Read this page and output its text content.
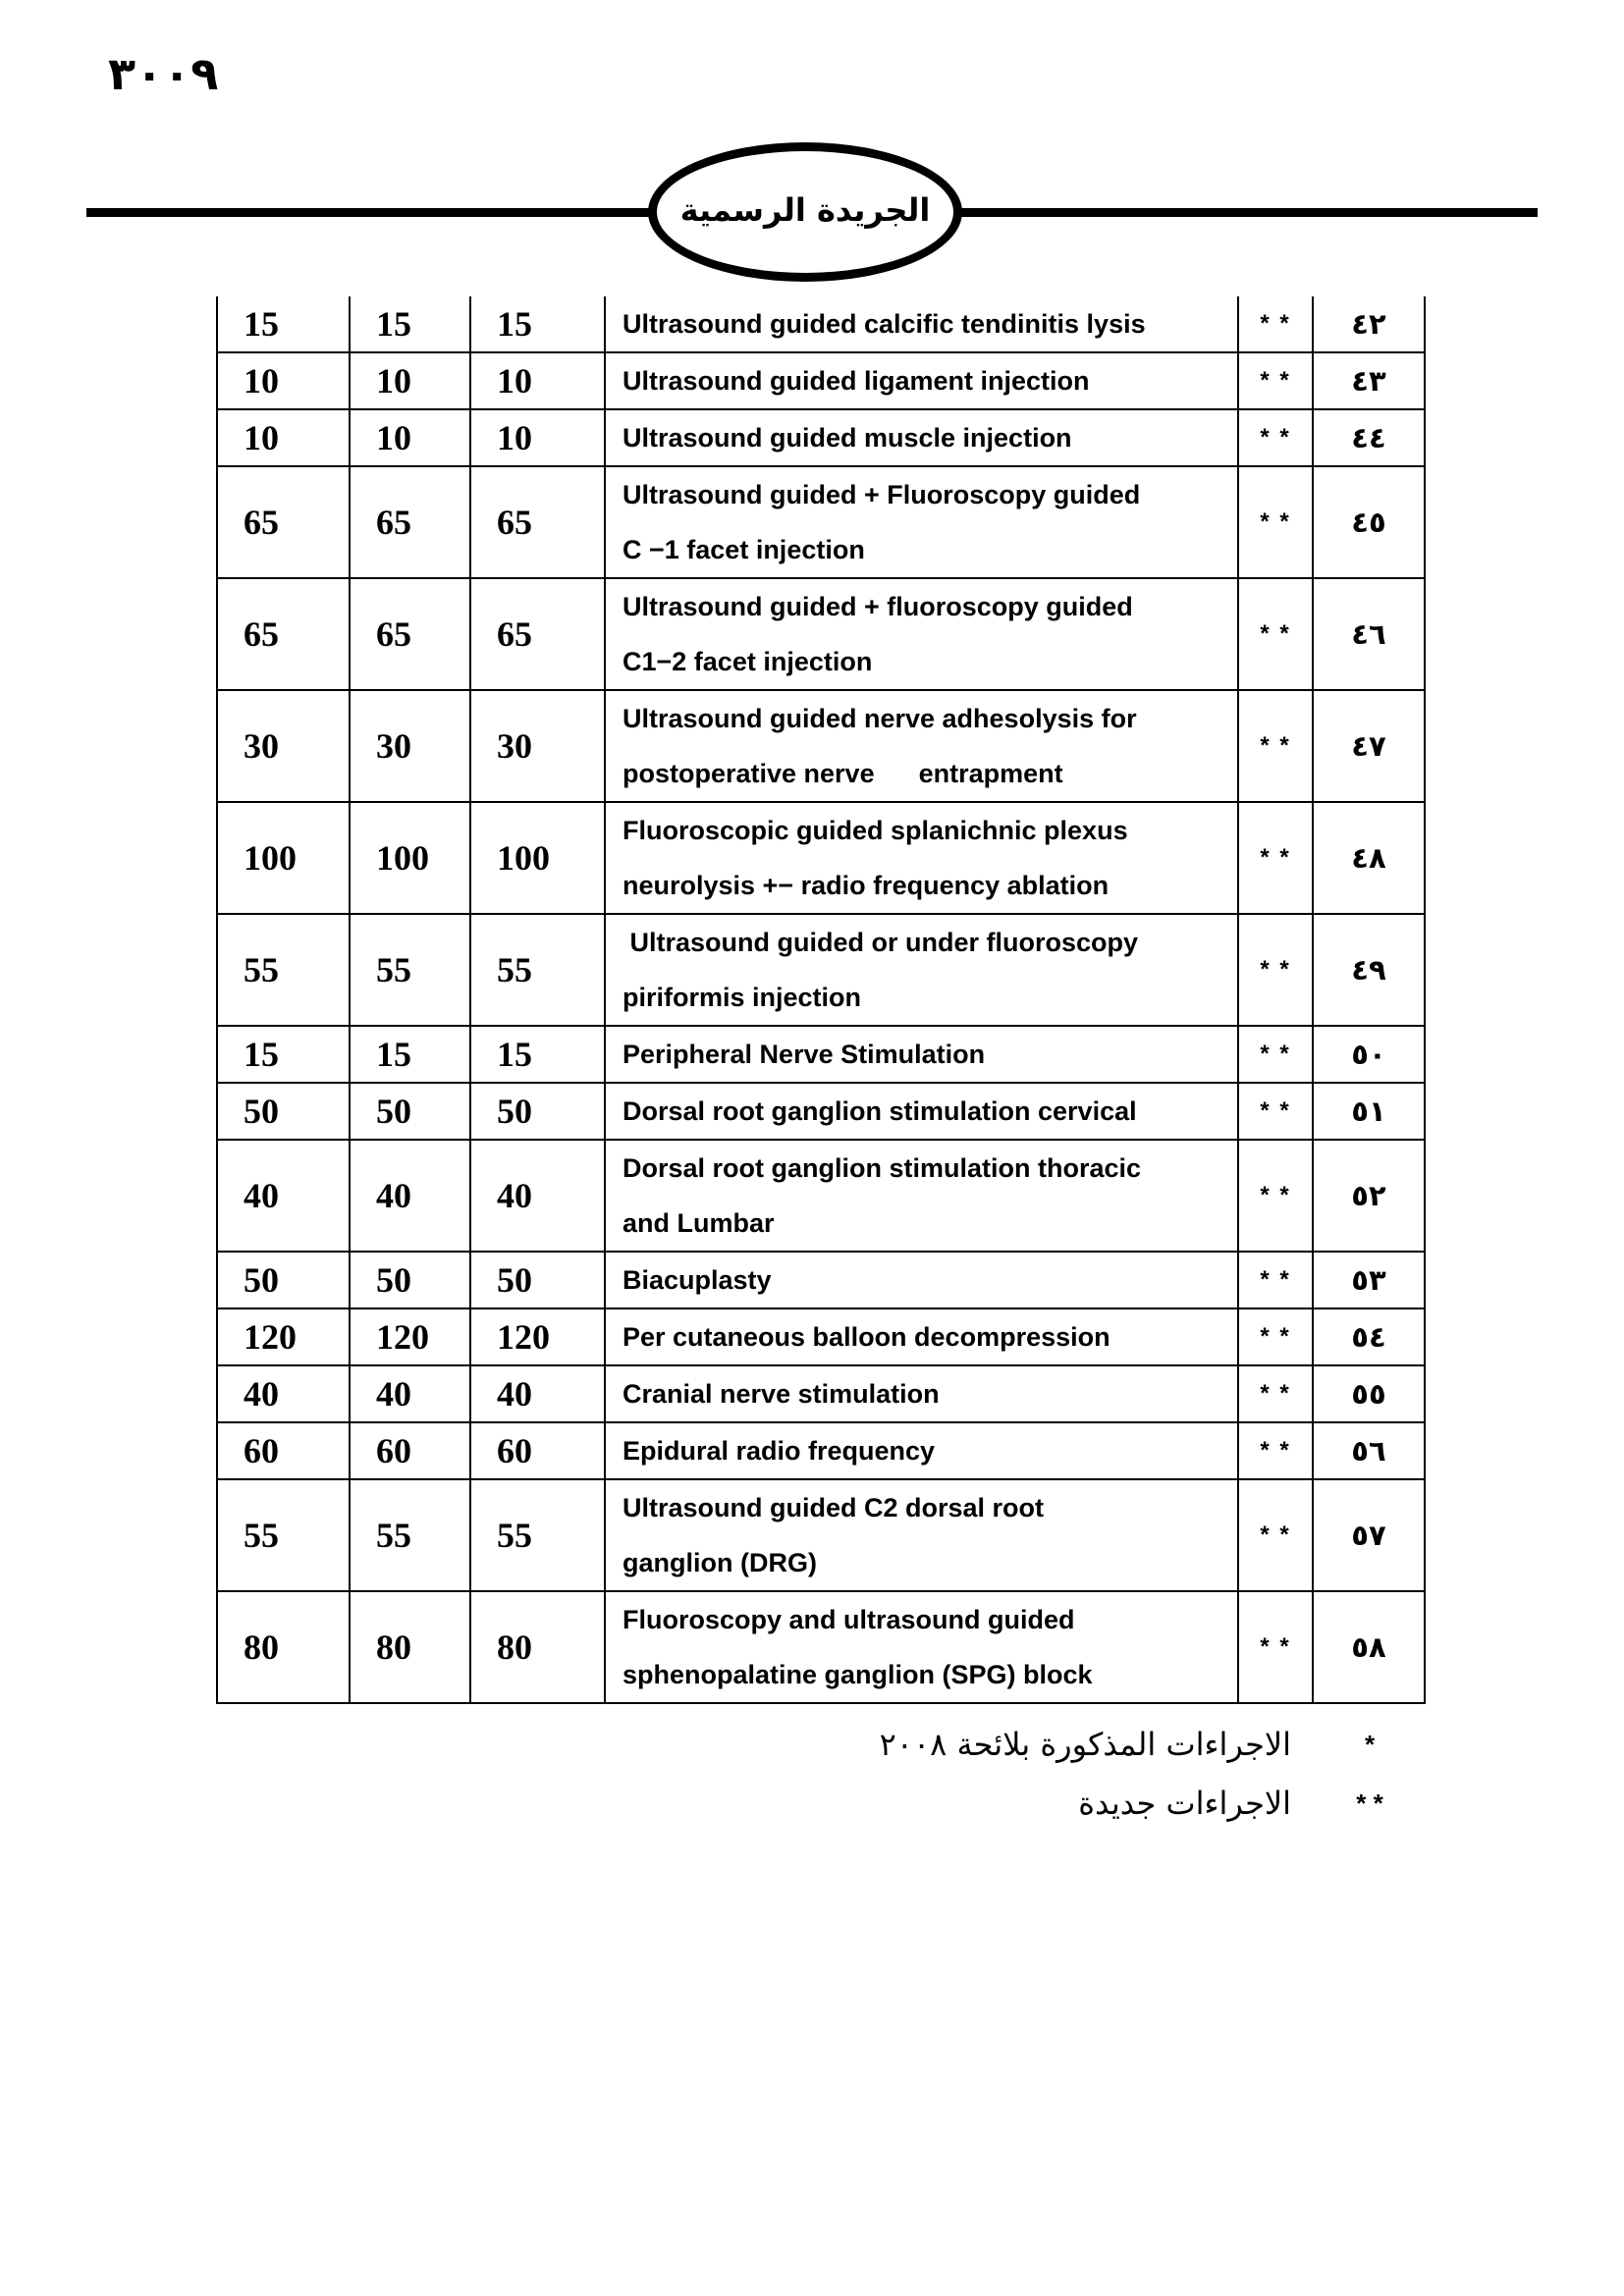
٣٠٠٩
الجريدة الرسمية
15	15	15	Ultrasound guided calcific tendinitis lysis	* *	٤٢
10	10	10	Ultrasound guided ligament injection	* *	٤٣
10	10	10	Ultrasound guided muscle injection	* *	٤٤
65	65	65	Ultrasound guided + Fluoroscopy guided
C −1 facet injection	* *	٤٥
65	65	65	Ultrasound guided + fluoroscopy guided
C1−2 facet injection	* *	٤٦
30	30	30	Ultrasound guided nerve adhesolysis for
postoperative nerve      entrapment	* *	٤٧
100	100	100	Fluoroscopic guided splanichnic plexus
neurolysis +− radio frequency ablation	* *	٤٨
55	55	55	Ultrasound guided or under fluoroscopy
piriformis injection	* *	٤٩
15	15	15	Peripheral Nerve Stimulation	* *	٥٠
50	50	50	Dorsal root ganglion stimulation cervical	* *	٥١
40	40	40	Dorsal root ganglion stimulation thoracic
and Lumbar	* *	٥٢
50	50	50	Biacuplasty	* *	٥٣
120	120	120	Per cutaneous balloon decompression	* *	٥٤
40	40	40	Cranial nerve stimulation	* *	٥٥
60	60	60	Epidural radio frequency	* *	٥٦
55	55	55	Ultrasound guided C2 dorsal root
ganglion (DRG)	* *	٥٧
80	80	80	Fluoroscopy and ultrasound guided
sphenopalatine ganglion (SPG) block	* *	٥٨
الاجراءات المذكورة بلائحة ٢٠٠٨	*
الاجراءات جديدة	* *
